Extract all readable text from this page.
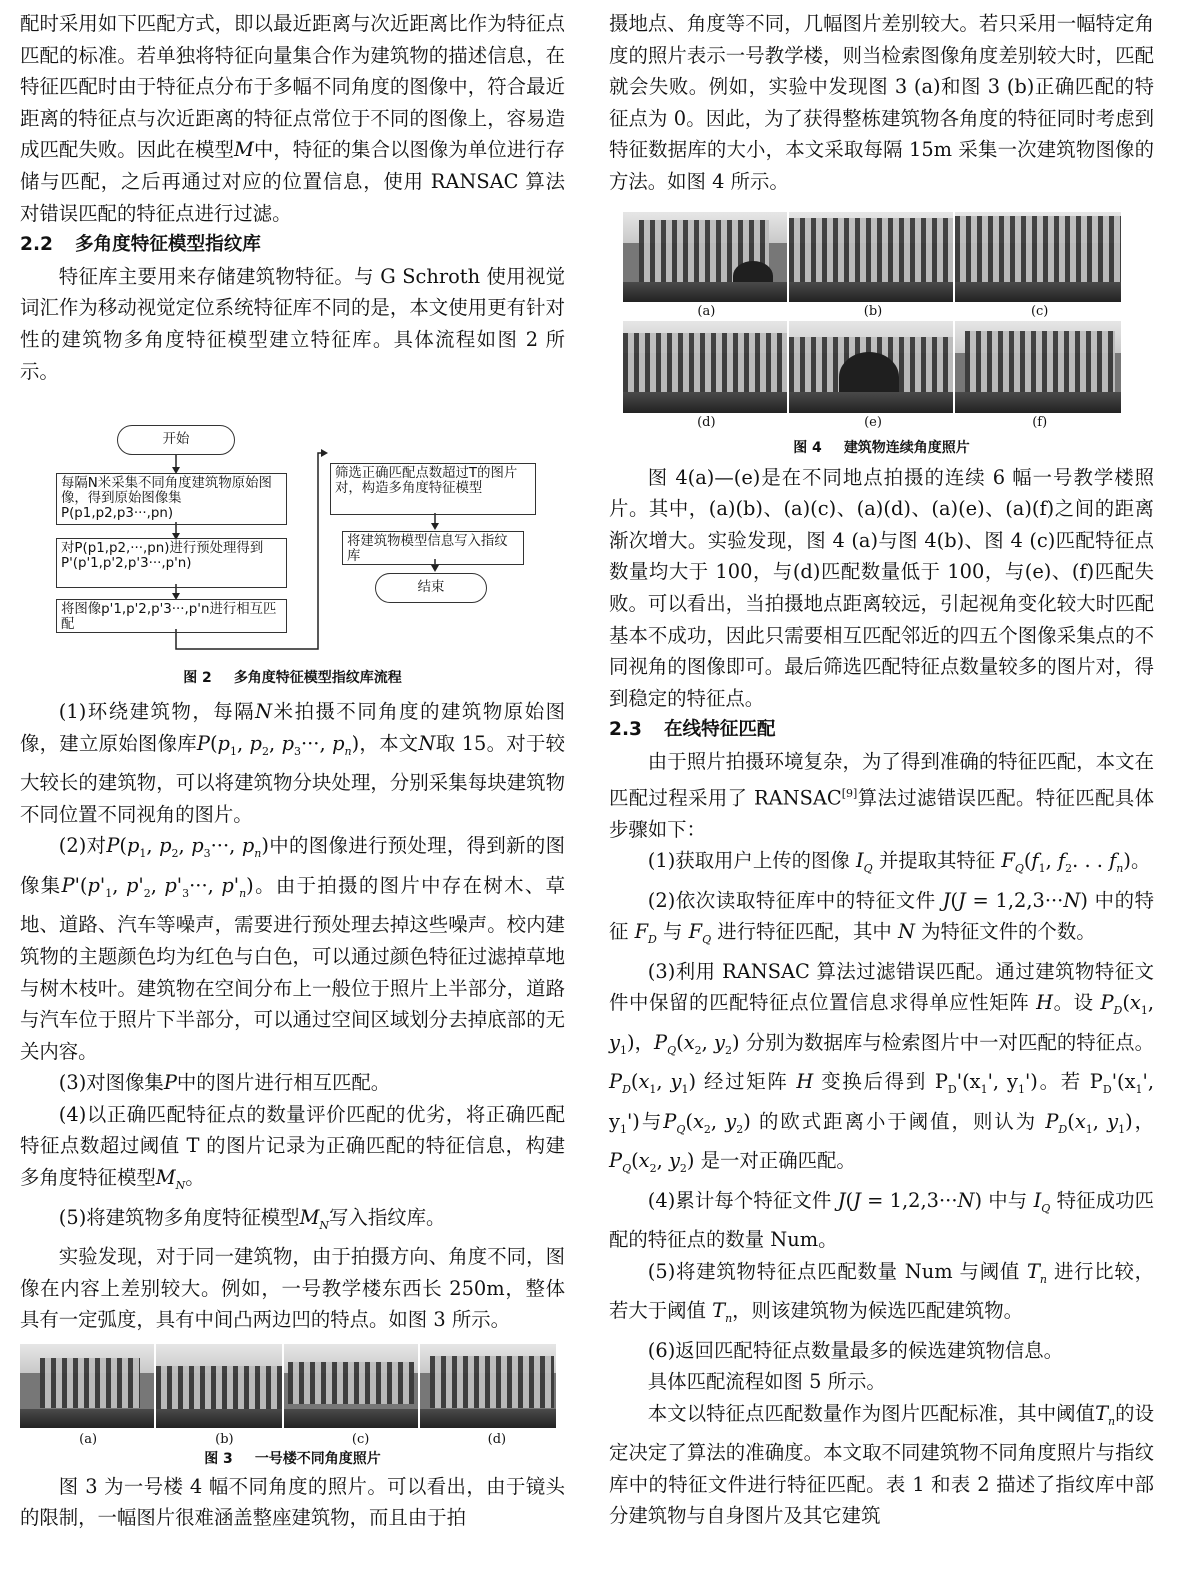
配时采用如下匹配方式，即以最近距离与次近距离比作为特征点匹配的标准。若单独将特征向量集合作为建筑物的描述信息，在特征匹配时由于特征点分布于多幅不同角度的图像中，符合最近距离的特征点与次近距离的特征点常位于不同的图像上，容易造成匹配失败。因此在模型M中，特征的集合以图像为单位进行存储与匹配，之后再通过对应的位置信息，使用 RANSAC 算法对错误匹配的特征点进行过滤。

2.2 多角度特征模型指纹库

特征库主要用来存储建筑物特征。与 G Schroth 使用视觉词汇作为移动视觉定位系统特征库不同的是，本文使用更有针对性的建筑物多角度特征模型建立特征库。具体流程如图 2 所示。

开始
每隔N米采集不同角度建筑物原始图像，得到原始图像集P(p1,p2,p3···,pn)
对P(p1,p2,···,pn)进行预处理得到P'(p'1,p'2,p'3···,p'n)
将图像p'1,p'2,p'3···,p'n进行相互匹配
筛选正确匹配点数超过T的图片对，构造多角度特征模型
将建筑物模型信息写入指纹库
结束
图 2 多角度特征模型指纹库流程

(1)环绕建筑物，每隔N米拍摄不同角度的建筑物原始图像，建立原始图像库$P(p_1$, $p_2$, $p_3\cdot\cdot\cdot$, $p_n$)，本文N取 15。对于较大较长的建筑物，可以将建筑物分块处理，分别采集每块建筑物不同位置不同视角的图片。

(2)对$P(p_1$, $p_2$, $p_3\cdot\cdot\cdot$, $p_n$)中的图像进行预处理，得到新的图像集$P'(p'_1$, $p'_2$, $p'_3\cdot\cdot\cdot$, $p'_n$)。由于拍摄的图片中存在树木、草地、道路、汽车等噪声，需要进行预处理去掉这些噪声。校内建筑物的主题颜色均为红色与白色，可以通过颜色特征过滤掉草地与树木枝叶。建筑物在空间分布上一般位于照片上半部分，道路与汽车位于照片下半部分，可以通过空间区域划分去掉底部的无关内容。

(3)对图像集P中的图片进行相互匹配。

(4)以正确匹配特征点的数量评价匹配的优劣，将正确匹配特征点数超过阈值 T 的图片记录为正确匹配的特征信息，构建多角度特征模型$M_N$。

(5)将建筑物多角度特征模型$M_N$写入指纹库。

实验发现，对于同一建筑物，由于拍摄方向、角度不同，图像在内容上差别较大。例如，一号教学楼东西长 250m，整体具有一定弧度，具有中间凸两边凹的特点。如图 3 所示。

(a)	(b)	(c)	(d)
图 3 一号楼不同角度照片

图 3 为一号楼 4 幅不同角度的照片。可以看出，由于镜头的限制，一幅图片很难涵盖整座建筑物，而且由于拍

摄地点、角度等不同，几幅图片差别较大。若只采用一幅特定角度的照片表示一号教学楼，则当检索图像角度差别较大时，匹配就会失败。例如，实验中发现图 3 (a)和图 3 (b)正确匹配的特征点为 0。因此，为了获得整栋建筑物各角度的特征同时考虑到特征数据库的大小，本文采取每隔 15m 采集一次建筑物图像的方法。如图 4 所示。

(a)	(b)	(c)
(d)	(e)	(f)
图 4 建筑物连续角度照片

图 4(a)—(e)是在不同地点拍摄的连续 6 幅一号教学楼照片。其中，(a)(b)、(a)(c)、(a)(d)、(a)(e)、(a)(f)之间的距离渐次增大。实验发现，图 4 (a)与图 4(b)、图 4 (c)匹配特征点数量均大于 100，与(d)匹配数量低于 100，与(e)、(f)匹配失败。可以看出，当拍摄地点距离较远，引起视角变化较大时匹配基本不成功，因此只需要相互匹配邻近的四五个图像采集点的不同视角的图像即可。最后筛选匹配特征点数量较多的图片对，得到稳定的特征点。

2.3 在线特征匹配

由于照片拍摄环境复杂，为了得到准确的特征匹配，本文在匹配过程采用了 RANSAC[9]算法过滤错误匹配。特征匹配具体步骤如下：

(1)获取用户上传的图像 $I_Q$ 并提取其特征 $F_Q(f_1$, $f_2$. . . $f_n$)。

(2)依次读取特征库中的特征文件 J(J = 1,2,3···N) 中的特征 $F_D$ 与 $F_Q$ 进行特征匹配，其中 N 为特征文件的个数。

(3)利用 RANSAC 算法过滤错误匹配。通过建筑物特征文件中保留的匹配特征点位置信息求得单应性矩阵 H。设 $P_D(x_1$, $y_1$)，$P_Q(x_2$, $y_2$) 分别为数据库与检索图片中一对匹配的特征点。$P_D(x_1$, $y_1$) 经过矩阵 H 变换后得到 $P_D'(x_1'$, $y_1'$)。若 $P_D'(x_1'$, $y_1'$)与$P_Q(x_2$, $y_2$) 的欧式距离小于阈值，则认为 $P_D(x_1$, $y_1$)，$P_Q(x_2$, $y_2$) 是一对正确匹配。

(4)累计每个特征文件 J(J = 1,2,3···N) 中与 $I_Q$ 特征成功匹配的特征点的数量 Num。

(5)将建筑物特征点匹配数量 Num 与阈值 $T_n$ 进行比较，若大于阈值 $T_n$，则该建筑物为候选匹配建筑物。

(6)返回匹配特征点数量最多的候选建筑物信息。

具体匹配流程如图 5 所示。

本文以特征点匹配数量作为图片匹配标准，其中阈值$T_n$的设定决定了算法的准确度。本文取不同建筑物不同角度照片与指纹库中的特征文件进行特征匹配。表 1 和表 2 描述了指纹库中部分建筑物与自身图片及其它建筑
